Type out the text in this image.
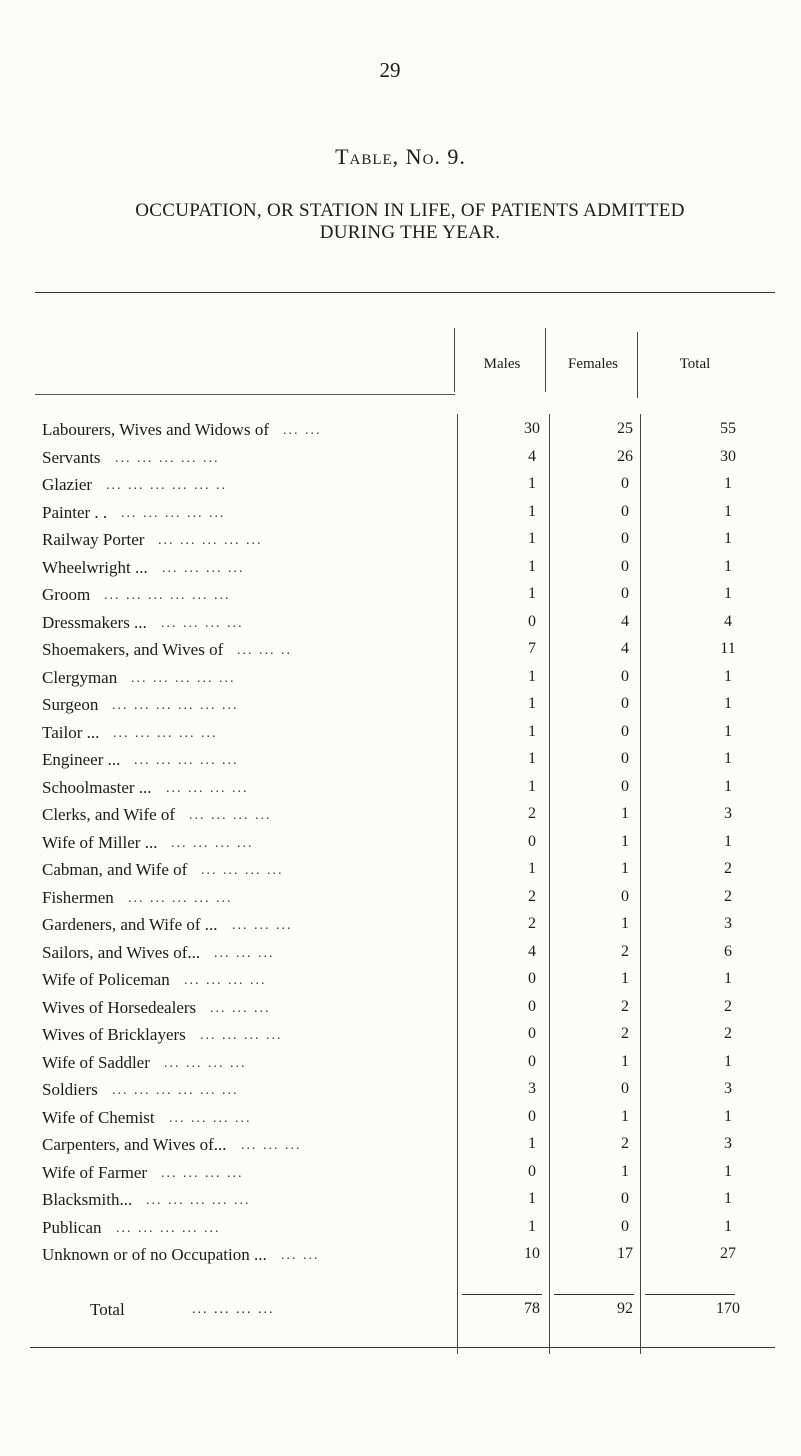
29
Table, No. 9.
OCCUPATION, OR STATION IN LIFE, OF PATIENTS ADMITTED
DURING THE YEAR.
Males	Females	Total
Labourers, Wives and Widows of ... ...	30	25	55
Servants ... ... ... ... ...	4	26	30
Glazier ... ... ... ... ... ..	1	0	1
Painter . . ... ... ... ... ...	1	0	1
Railway Porter ... ... ... ... ...	1	0	1
Wheelwright ... ... ... ... ...	1	0	1
Groom ... ... ... ... ... ...	1	0	1
Dressmakers ... ... ... ... ...	0	4	4
Shoemakers, and Wives of ... ... ..	7	4	11
Clergyman ... ... ... ... ...	1	0	1
Surgeon ... ... ... ... ... ...	1	0	1
Tailor ... ... ... ... ... ...	1	0	1
Engineer ... ... ... ... ... ...	1	0	1
Schoolmaster ... ... ... ... ...	1	0	1
Clerks, and Wife of ... ... ... ...	2	1	3
Wife of Miller ... ... ... ... ...	0	1	1
Cabman, and Wife of ... ... ... ...	1	1	2
Fishermen ... ... ... ... ...	2	0	2
Gardeners, and Wife of ... ... ... ...	2	1	3
Sailors, and Wives of... ... ... ...	4	2	6
Wife of Policeman ... ... ... ...	0	1	1
Wives of Horsedealers ... ... ...	0	2	2
Wives of Bricklayers ... ... ... ...	0	2	2
Wife of Saddler ... ... ... ...	0	1	1
Soldiers ... ... ... ... ... ...	3	0	3
Wife of Chemist ... ... ... ...	0	1	1
Carpenters, and Wives of... ... ... ...	1	2	3
Wife of Farmer ... ... ... ...	0	1	1
Blacksmith... ... ... ... ... ...	1	0	1
Publican ... ... ... ... ...	1	0	1
Unknown or of no Occupation ... ... ...	10	17	27
Total	... ... ... ...	78	92	170
